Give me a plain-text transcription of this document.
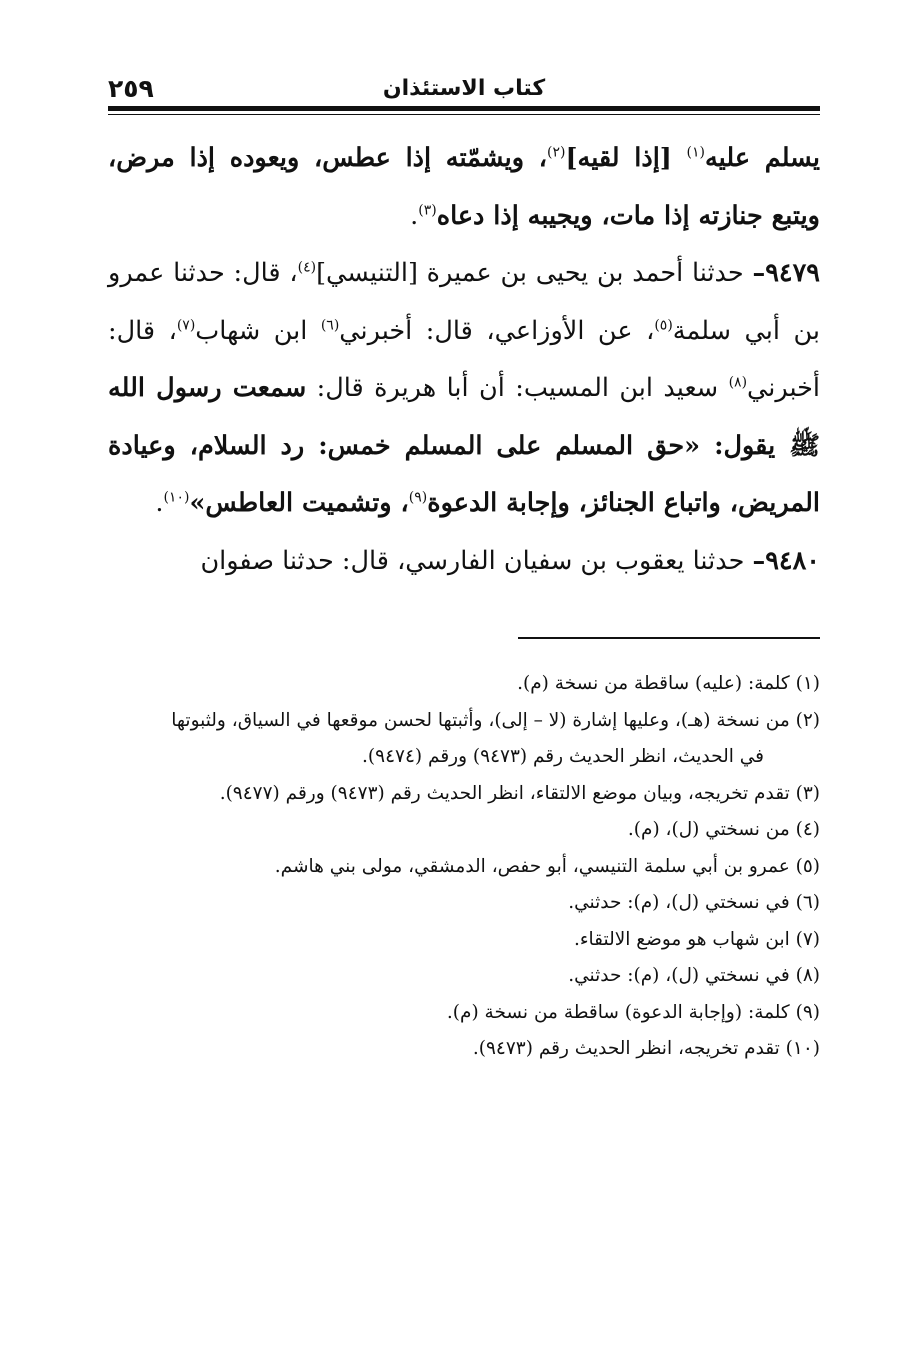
٢٥٩	كتاب الاستئذان

يسلم عليه$^{(١)}$ [إذا لقيه]$^{(٢)}$، ويشمّته إذا عطس، ويعوده إذا مرض، ويتبع جنازته إذا مات، ويجيبه إذا دعاه$^{(٣)}$.

٩٤٧٩– حدثنا أحمد بن يحيى بن عميرة [التنيسي]$^{(٤)}$، قال: حدثنا عمرو بن أبي سلمة$^{(٥)}$، عن الأوزاعي، قال: أخبرني$^{(٦)}$ ابن شهاب$^{(٧)}$، قال: أخبرني$^{(٨)}$ سعيد ابن المسيب: أن أبا هريرة قال: سمعت رسول الله ﷺ يقول: «حق المسلم على المسلم خمس: رد السلام، وعيادة المريض، واتباع الجنائز، وإجابة الدعوة$^{(٩)}$، وتشميت العاطس»$^{(١٠)}$.

٩٤٨٠– حدثنا يعقوب بن سفيان الفارسي، قال: حدثنا صفوان

(١) كلمة: (عليه) ساقطة من نسخة (م).

(٢) من نسخة (هـ)، وعليها إشارة (لا – إلى)، وأثبتها لحسن موقعها في السياق، ولثبوتها
في الحديث، انظر الحديث رقم (٩٤٧٣) ورقم (٩٤٧٤).

(٣) تقدم تخريجه، وبيان موضع الالتقاء، انظر الحديث رقم (٩٤٧٣) ورقم (٩٤٧٧).

(٤) من نسختي (ل)، (م).

(٥) عمرو بن أبي سلمة التنيسي، أبو حفص، الدمشقي، مولى بني هاشم.

(٦) في نسختي (ل)، (م): حدثني.

(٧) ابن شهاب هو موضع الالتقاء.

(٨) في نسختي (ل)، (م): حدثني.

(٩) كلمة: (وإجابة الدعوة) ساقطة من نسخة (م).

(١٠) تقدم تخريجه، انظر الحديث رقم (٩٤٧٣).
